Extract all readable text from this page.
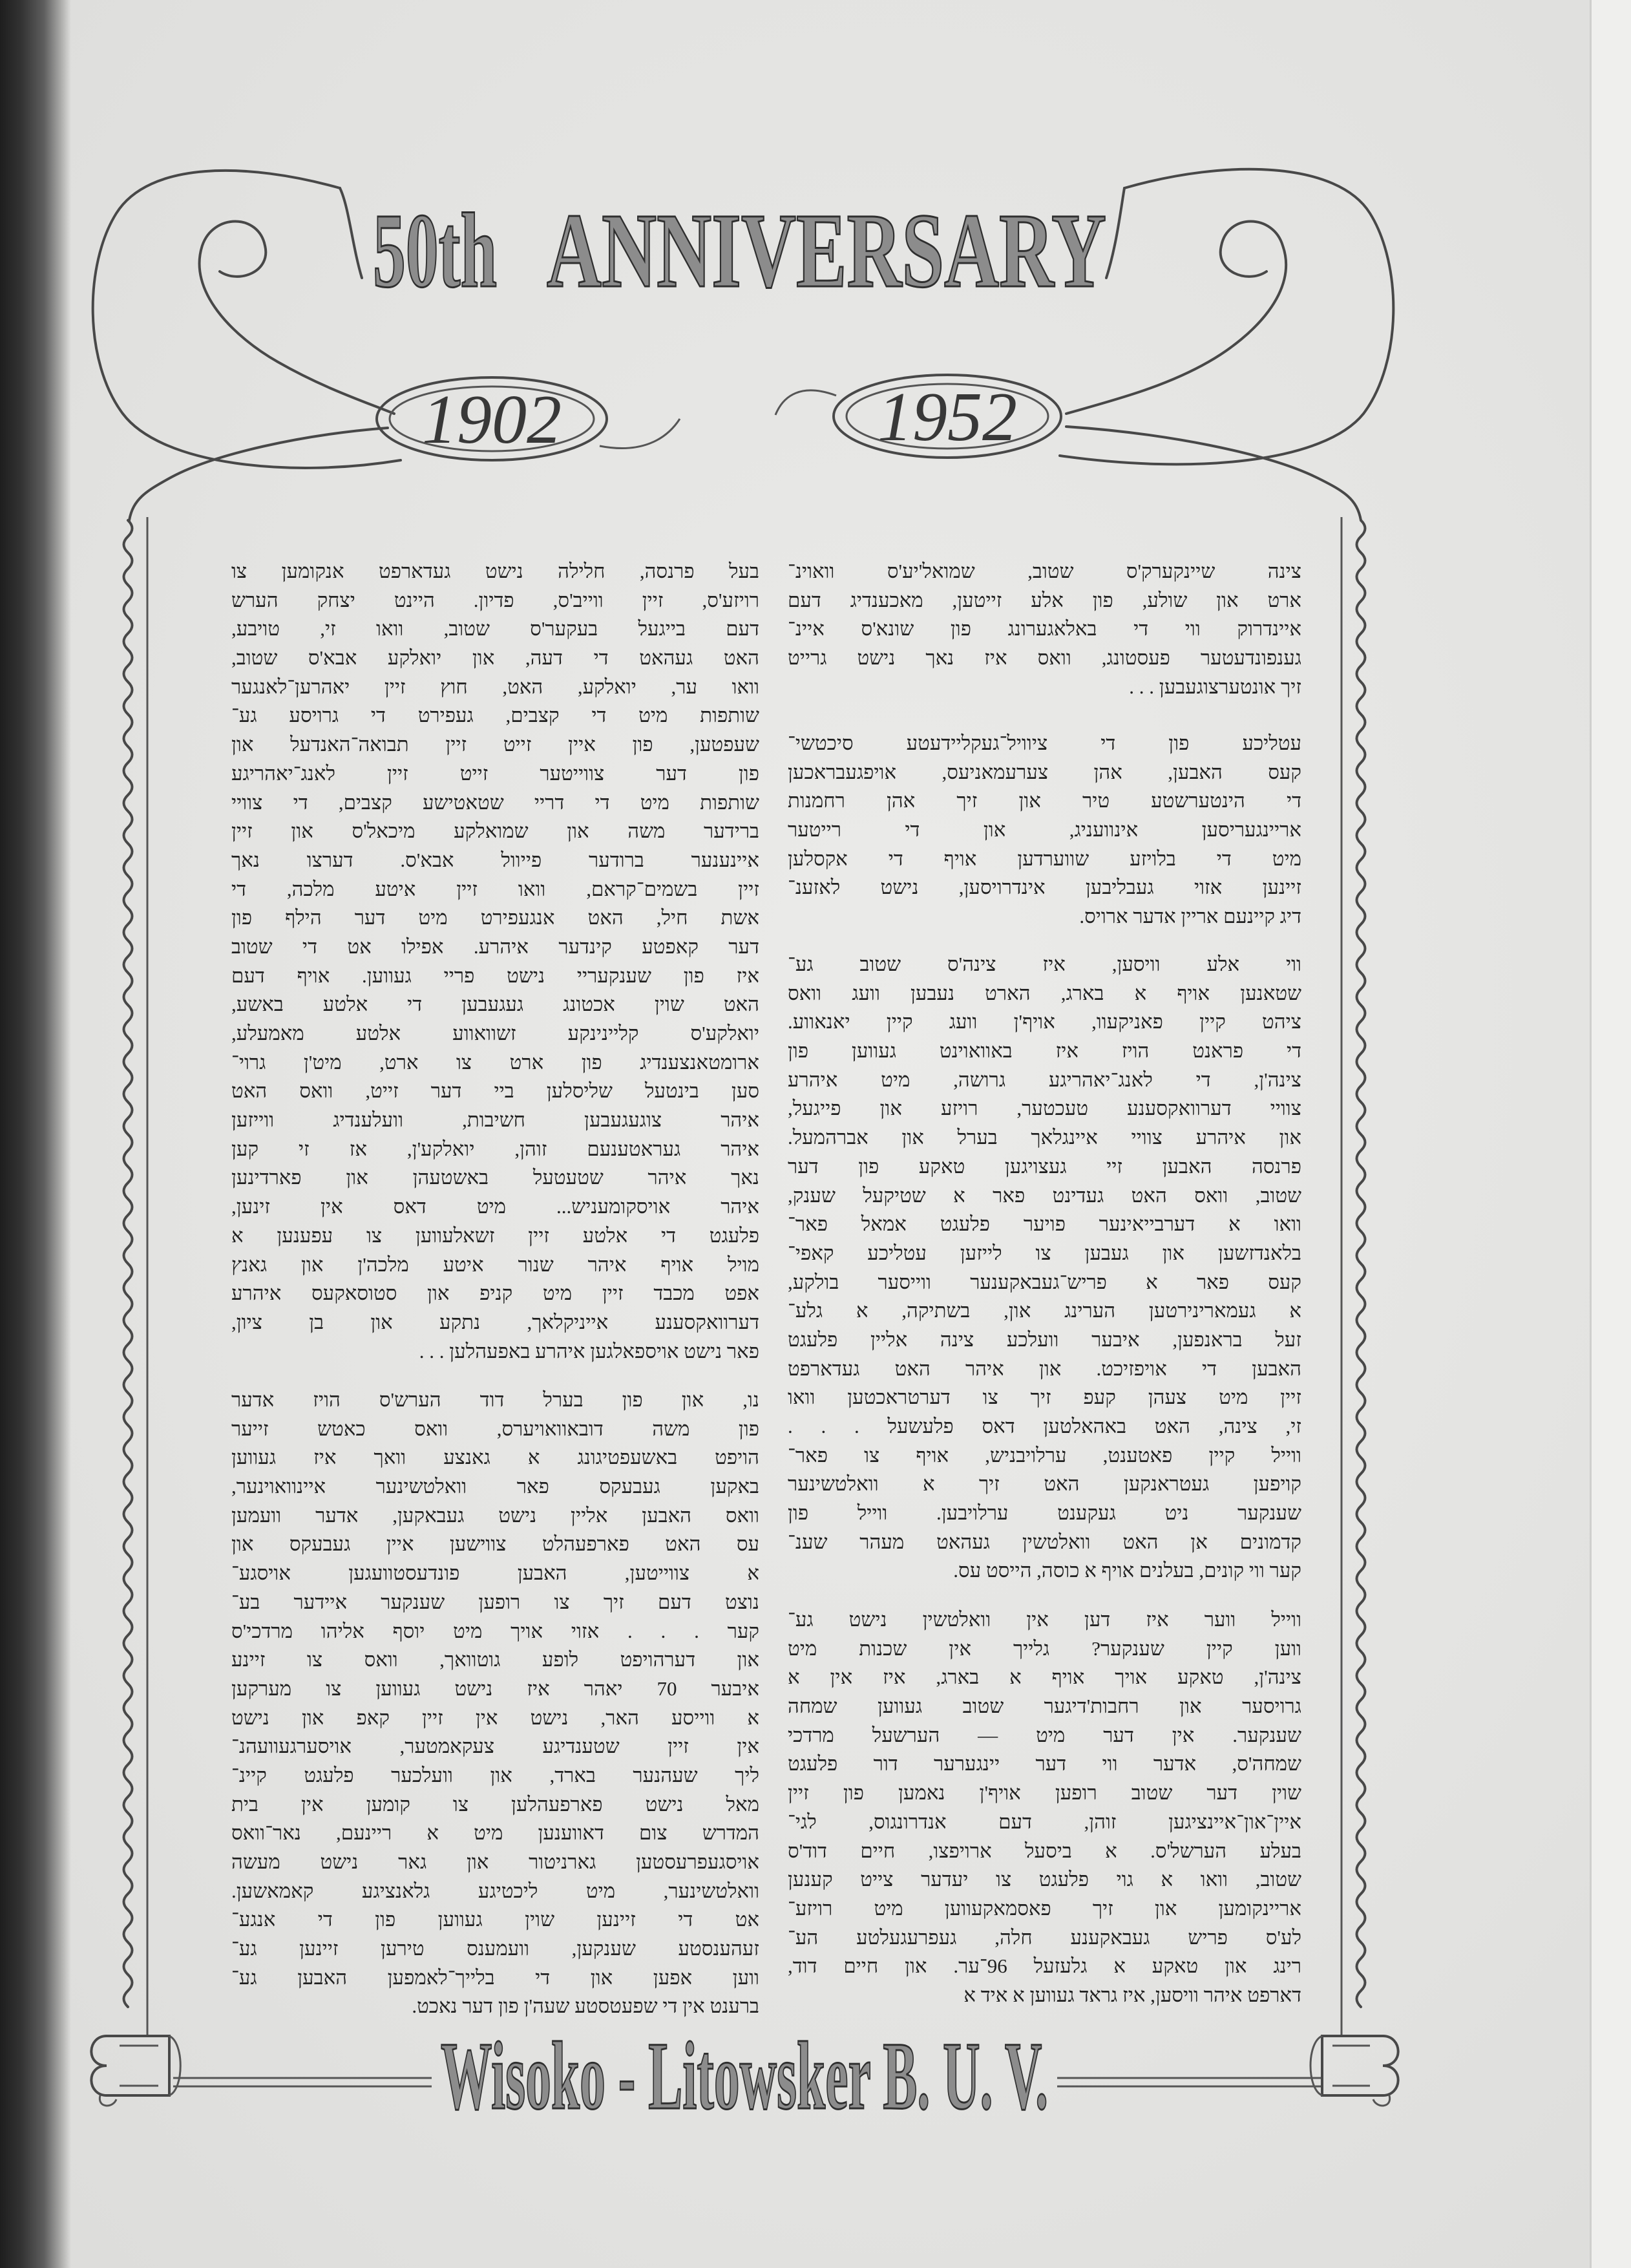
50th ANNIVERSARY
1902	1952
Wisoko - Litowsker B. U. V.
צינה שיינקערק'ס שטוב, שמואל'יע'ס וואוינ־
ארט און שולע, פון אלע זייטען, מאכענדיג דעם
איינדרוק ווי די באלאגערונג פון שונא'ס איינ־
גענפונדעטער פעסטונג, וואס איז נאך נישט גרייט
זיך אונטערצוגעבען . . .
עטליכע פון די ציוויל־געקליידעטע סיכטשי־
קעס האבען, אהן צערעמאניעס, אויפגעבראכען
די הינטערשטע טיר און זיך אהן רחמנות
אריינגעריסען אינוועניג, און די רייטער
מיט די בלויזע שווערדען אויף די אקסלען
זיינען אזוי געבליבען אינדרויסען, נישט לאזענ־
דיג קיינעם אריין אדער ארויס.
ווי אלע וויסען, איז צינה'ס שטוב גע־
שטאנען אויף א בארג, הארט נעבען וועג וואס
ציהט קיין פאניקעוו, אויף'ן וועג קיין יאנאווע.
די פראנט הויז איז באוואוינט געווען פון
צינה'ן, די לאנג־יאהריגע גרושה, מיט איהרע
צוויי דערוואקסענע טעכטער, רויזע און פייגעל,
און איהרע צוויי איינגלאך בערל און אברהמעל.
פרנסה האבען זיי געצויגען טאקע פון דער
שטוב, וואס האט געדינט פאר א שטיקעל שענק,
וואו א דערבייאינער פויער פלעגט אמאל פאר־
בלאנדזשען און געבען צו לייזען עטליכע קאפי־
קעס פאר א פריש־געבאקענער ווייסער בולקע,
א געמארינירטען הערינג און, בשתיקה, א גלע־
זעל בראנפען, איבער וועלכע צינה אליין פלעגט
האבען די אויפזיכט. און איהר האט געדארפט
זיין מיט צעהן קעפ זיך צו דערטראכטען וואו
זי, צינה, האט באהאלטען דאס פלעשעל . . .
ווייל קיין פאטענט, ערלויבניש, אויף צו פאר־
קויפען געטראנקען האט זיך א וואלטשינער
שענקער ניט געקענט ערלויבען. ווייל פון
קדמונים אן האט וואלטשין געהאט מעהר שענ־
קער ווי קונים, בעלנים אויף א כוסה, הייסט עס.
ווייל ווער איז דען אין וואלטשין נישט גע־
ווען קיין שענקער? גלייך אין שכנות מיט
צינה'ן, טאקע אויך אויף א בארג, איז אין א
גרויסער און רחבות'דיגער שטוב געווען שמחה
שענקער. אין דער מיט — הערשעל מרדכי
שמחה'ס, אדער ווי דער יינגערער דור פלעגט
שוין דער שטוב רופען אויף'ן נאמען פון זיין
איין־און־איינציגען זוהן, דעם אנדרונגוס, לגי־
בעלע הערשל'ס. א ביסעל ארויפצו, חיים דוד'ס
שטוב, וואו א גוי פלעגט צו יעדער צייט קענען
אריינקומען און זיך פאסמאקעווען מיט רויזע־
לע'ס פריש געבאקענע חלה, געפרעגעלטע הע־
רינג און טאקע א גלעזעל 96־ער. און חיים דוד,
דארפט איהר וויסען, איז גראד געווען א איד א
בעל פרנסה, חלילה נישט געדארפט אנקומען צו
רויזע'ס, זיין ווייב'ס, פדיון. היינט יצחק הערש
דעם בייגעל בעקער'ס שטוב, וואו זי, טויבע,
האט געהאט די דעה, און יואלקע אבא'ס שטוב,
וואו ער, יואלקע, האט, חוץ זיין יאהרען־לאנגער
שותפות מיט די קצבים, געפירט די גרויסע גע־
שעפטען, פון איין זייט זיין תבואה־האנדעל און
פון דער צווייטער זייט זיין לאנג־יאהריגע
שותפות מיט די דריי שטאטישע קצבים, די צוויי
ברידער משה און שמואלקע מיכאל'ס און זיין
איינענער ברודער פייוול אבא'ס. דערצו נאך
זיין בשמים־קראם, וואו זיין איטע מלכה, די
אשת חיל, האט אנגעפירט מיט דער הילף פון
דער קאפטע קינדער איהרע. אפילו אט די שטוב
איז פון שענקעריי נישט פריי געווען. אויף דעם
האט שוין אכטונג געגעבען די אלטע באשע,
יואלקע'ס קליינינקע זשוואווע אלטע מאמעלע,
ארומטאנצענדיג פון ארט צו ארט, מיט'ן גרוי־
סען בינטעל שליסלען ביי דער זייט, וואס האט
איהר צוגעגעבען חשיבות, וועלענדיג ווייזען
איהר געראטענעם זוהן, יואלקע'ן, אז זי קען
נאך איהר שטעטעל באשטעהן און פארדינען
איהר אויסקומעניש... מיט דאס אין זינען,
פלעגט די אלטע זיין זשאלעווען צו עפענען א
מויל אויף איהר שנור איטע מלכה'ן און גאנץ
אפט מכבד זיין מיט קניפ און סטוסאקעס איהרע
דערוואקסענע אייניקלאך, נתקע און בן ציון,
פאר נישט אויספאלגען איהרע באפעהלען . . .
נו, און פון בערל דוד הערש'ס הויז אדער
פון משה דובאוואויערס, וואס כאטש זייער
הויפט באשעפטיגונג א גאנצע וואך איז געווען
באקען געבעקס פאר וואלטשינער איינוואוינער,
וואס האבען אליין נישט געבאקען, אדער וועמען
עס האט פארפעהלט צווישען איין געבעקס און
א צווייטען, האבען פונדעסטוועגען אויסגע־
נוצט דעם זיך צו רופען שענקער איידער בע־
קער . . . אזוי אויך מיט יוסף אליהו מרדכי'ס
און דערהויפט לופע גוטוואך, וואס צו זיינע
איבער 70 יאהר איז נישט געווען צו מערקען
א ווייסע האר, נישט אין זיין קאפ און נישט
אין זיין שטענדיגע צעקאמטער, אויסערגעוועהנ־
ליך שעהנער בארד, און וועלכער פלעגט קיינ־
מאל נישט פארפעהלען צו קומען אין בית
המדרש צום דאווענען מיט א ריינעם, נאר־וואס
אויסגעפרעסטען גארניטור און גאר נישט מעשה
וואלטשינער, מיט ליכטיגע גלאנציגע קאמאשען.
אט די זיינען שוין געווען פון די אנגע־
זעהענסטע שענקען, וועמענס טירען זיינען גע־
ווען אפען און די בלייך־לאמפען האבען גע־
ברענט אין די שפעטסטע שעה'ן פון דער נאכט.
